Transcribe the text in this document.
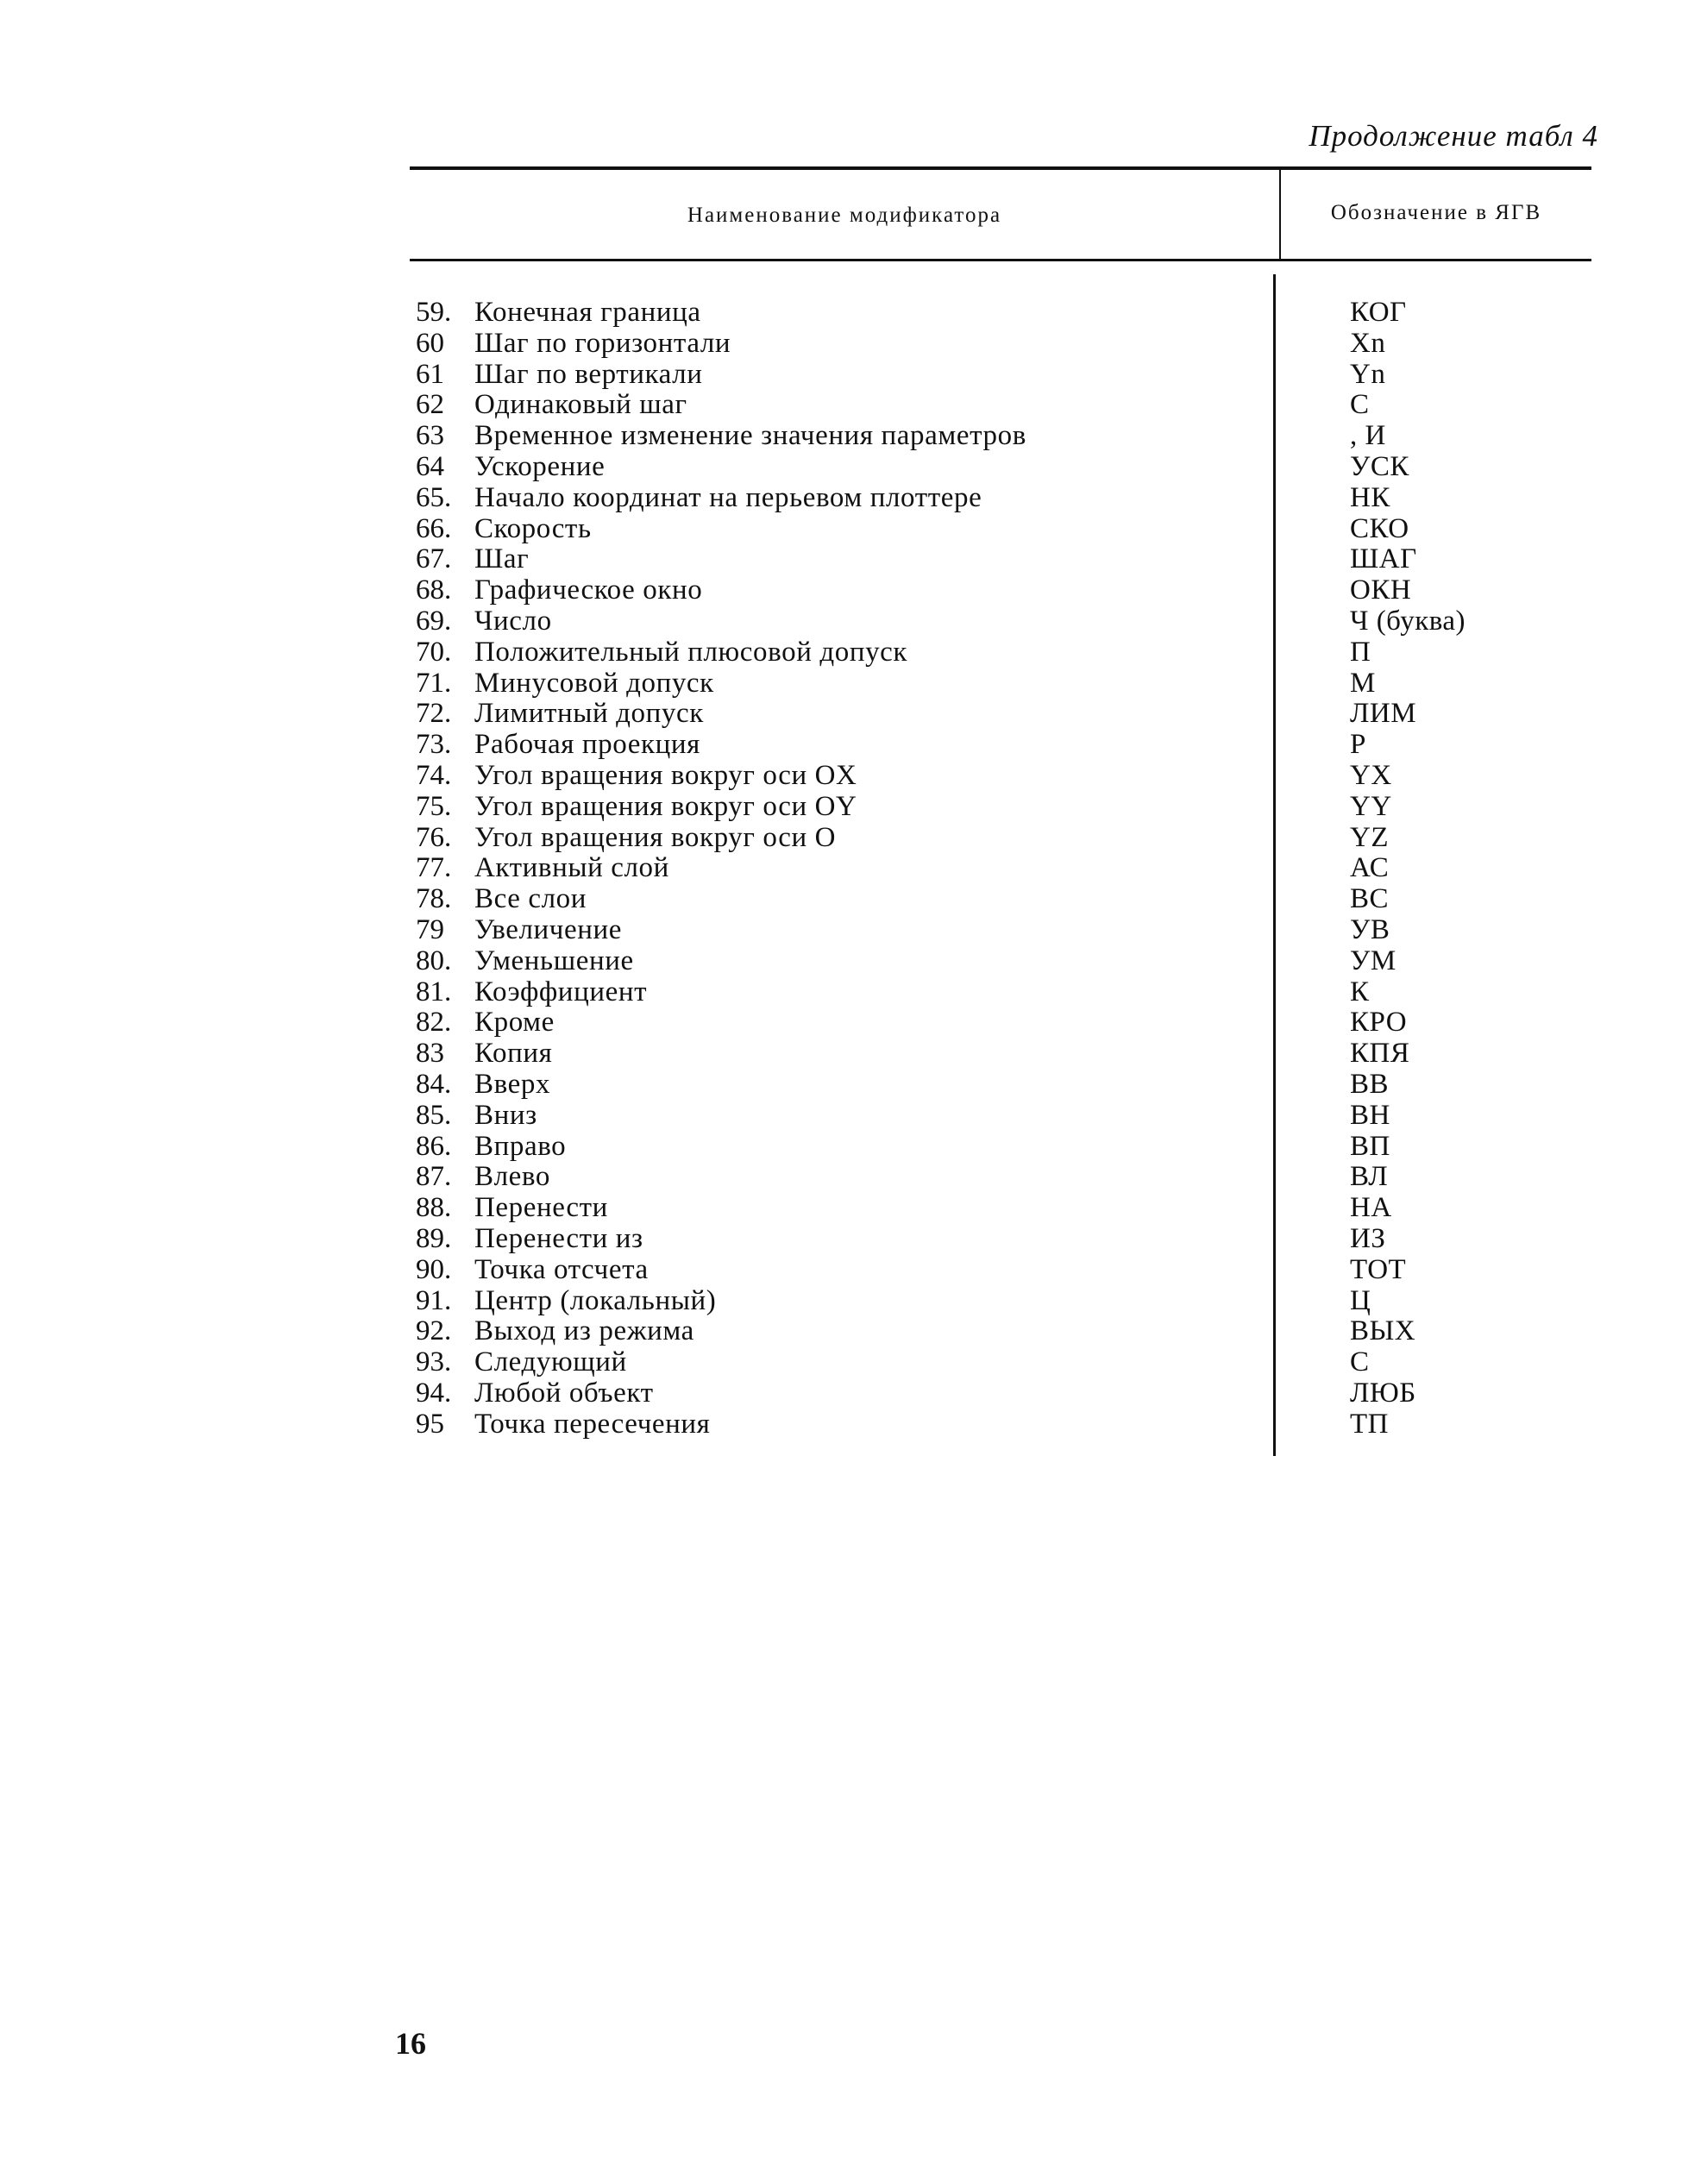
Продолжение табл 4
Наименование модификатора	Обозначение в ЯГВ
59. Конечная граница	КОГ
60	Шаг по горизонтали	Xn
61	Шаг по вертикали	Yn
62	Одинаковый шаг	C
63	Временное изменение значения параметров	, И
64	Ускорение	УСК
65. Начало координат на перьевом плоттере	НК
66. Скорость	СКО
67. Шаг	ШАГ
68. Графическое окно	ОКН
69. Число	Ч (буква)
70. Положительный плюсовой допуск	П
71. Минусовой допуск	М
72. Лимитный допуск	ЛИМ
73. Рабочая проекция	Р
74. Угол вращения вокруг оси OX	YX
75. Угол вращения вокруг оси OY	YY
76. Угол вращения вокруг оси O	YZ
77. Активный слой	АС
78. Все слои	ВС
79	Увеличение	УВ
80. Уменьшение	УМ
81. Коэффициент	К
82. Кроме	КРО
83	Копия	КПЯ
84. Вверх	ВВ
85. Вниз	ВН
86. Вправо	ВП
87. Влево	ВЛ
88. Перенести	НА
89. Перенести из	ИЗ
90. Точка отсчета	ТОТ
91. Центр (локальный)	Ц
92. Выход из режима	ВЫХ
93. Следующий	С
94. Любой объект	ЛЮБ
95	Точка пересечения	ТП
16
